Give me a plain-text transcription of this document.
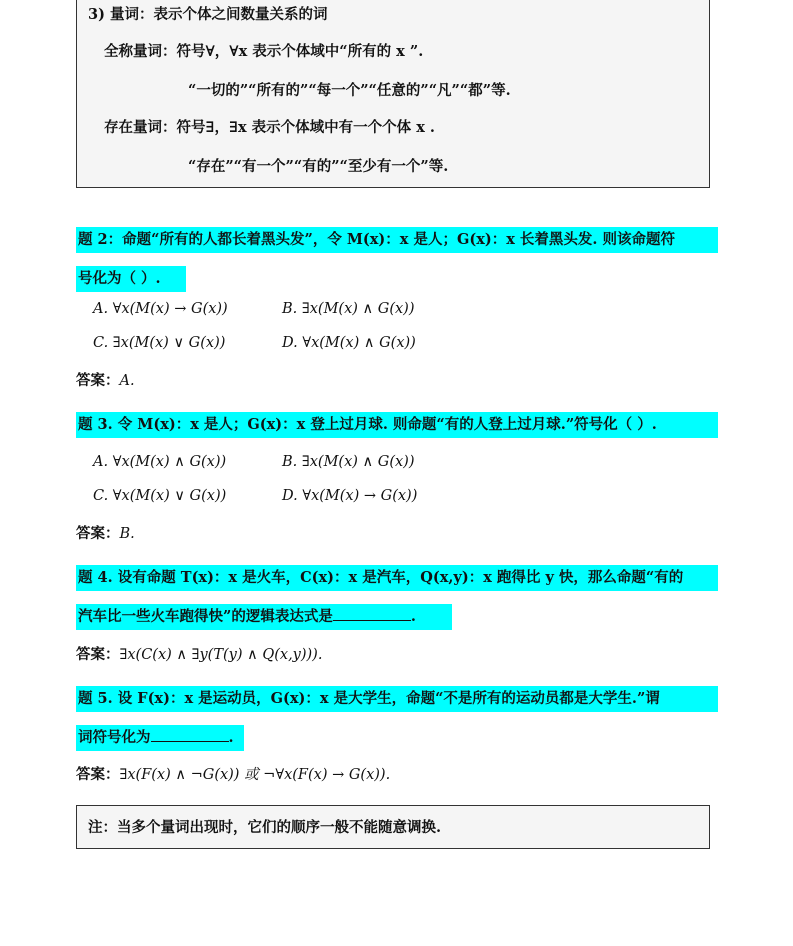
3) 量词：表示个体之间数量关系的词
全称量词：符号∀，∀x 表示个体域中“所有的 x ”.
“一切的”“所有的”“每一个”“任意的”“凡”“都”等.
存在量词：符号∃，∃x 表示个体域中有一个个体 x .
“存在”“有一个”“有的”“至少有一个”等.
题 2：命题“所有的人都长着黑头发”，令 M(x)：x 是人；G(x)：x 长着黑头发. 则该命题符
号化为（ ）.
A. ∀x(M(x) → G(x))	B. ∃x(M(x) ∧ G(x))
C. ∃x(M(x) ∨ G(x))	D. ∀x(M(x) ∧ G(x))
答案：A.
题 3. 令 M(x)：x 是人；G(x)：x 登上过月球. 则命题“有的人登上过月球.”符号化（ ）.
A. ∀x(M(x) ∧ G(x))	B. ∃x(M(x) ∧ G(x))
C. ∀x(M(x) ∨ G(x))	D. ∀x(M(x) → G(x))
答案：B.
题 4. 设有命题 T(x)：x 是火车，C(x)：x 是汽车，Q(x,y)：x 跑得比 y 快，那么命题“有的
汽车比一些火车跑得快”的逻辑表达式是	.
答案：∃x(C(x) ∧ ∃y(T(y) ∧ Q(x,y))).
题 5. 设 F(x)：x 是运动员，G(x)：x 是大学生，命题“不是所有的运动员都是大学生.”谓
词符号化为	.
答案：∃x(F(x) ∧ ¬G(x)) 或 ¬∀x(F(x) → G(x)).
注：当多个量词出现时，它们的顺序一般不能随意调换.
